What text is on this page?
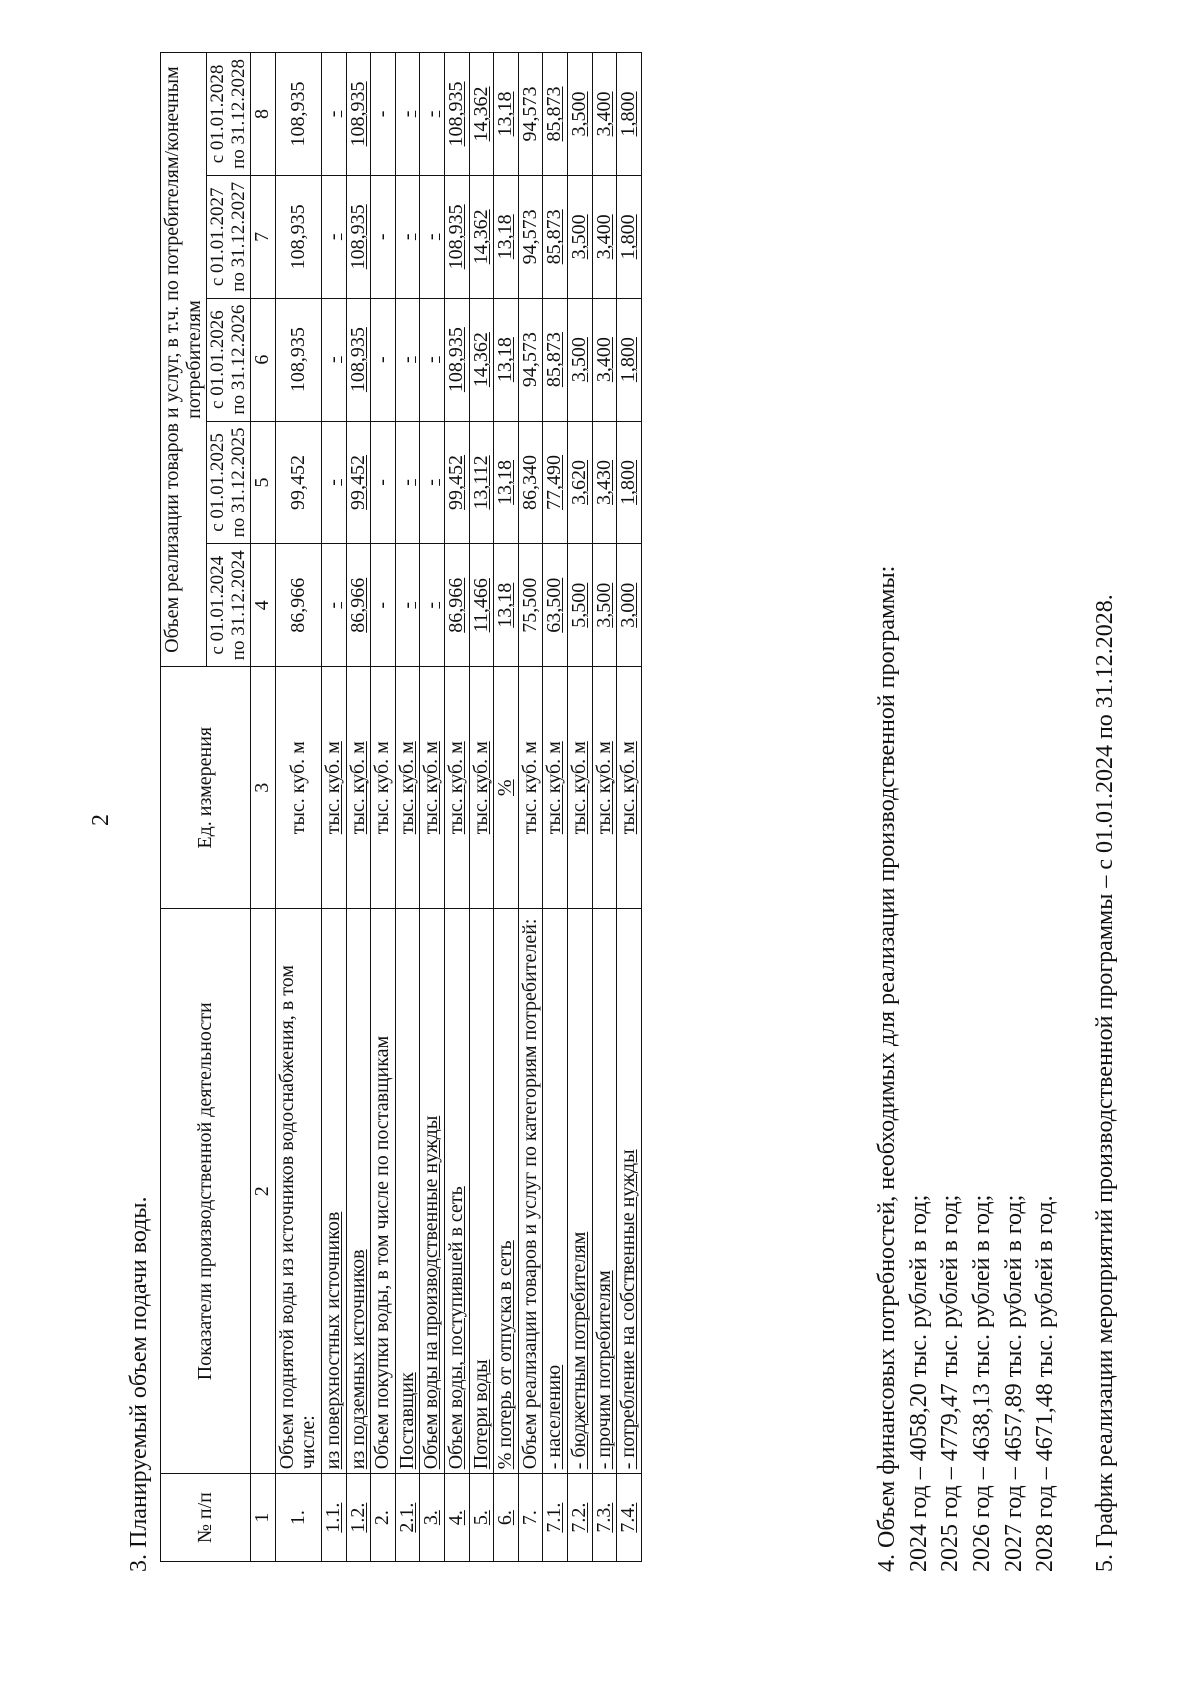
2
3. Планируемый объем подачи воды. № п/п	Показатели производственной деятельности	Ед. измерения	Объем реализации товаров и услуг, в т.ч. по потребителям/конечным потребителям				
			с 01.01.2024 по 31.12.2024	с 01.01.2025 по 31.12.2025	с 01.01.2026 по 31.12.2026	с 01.01.2027 по 31.12.2027	с 01.01.2028 по 31.12.2028
1	2	3	4	5	6	7	8
1.	Объем поднятой воды из источников водоснабжения, в том числе:	тыс. куб. м	86,966	99,452	108,935	108,935	108,935
1.1.	из поверхностных источников	тыс. куб. м	-	-	-	-	-
1.2.	из подземных источников	тыс. куб. м	86,966	99,452	108,935	108,935	108,935
2.	Объем покупки воды, в том числе по поставщикам	тыс. куб. м	-	-	-	-	-
2.1.	Поставщик	тыс. куб. м	-	-	-	-	-
3.	Объем воды на производственные нужды	тыс. куб. м	-	-	-	-	-
4.	Объем воды, поступившей в сеть	тыс. куб. м	86,966	99,452	108,935	108,935	108,935
5.	Потери воды	тыс. куб. м	11,466	13,112	14,362	14,362	14,362
6.	% потерь от отпуска в сеть	%	13,18	13,18	13,18	13,18	13,18
7.	Объем реализации товаров и услуг по категориям потребителей:	тыс. куб. м	75,500	86,340	94,573	94,573	94,573
7.1.	- населению	тыс. куб. м	63,500	77,490	85,873	85,873	85,873
7.2.	- бюджетным потребителям	тыс. куб. м	5,500	3,620	3,500	3,500	3,500
7.3.	- прочим потребителям	тыс. куб. м	3,500	3,430	3,400	3,400	3,400
7.4.	- потребление на собственные нужды	тыс. куб. м	3,000	1,800	1,800	1,800	1,800
4. Объем финансовых потребностей, необходимых для реализации производственной программы: 2024 год – 4058,20 тыс. рублей в год; 2025 год – 4779,47 тыс. рублей в год; 2026 год – 4638,13 тыс. рублей в год; 2027 год – 4657,89 тыс. рублей в год; 2028 год – 4671,48 тыс. рублей в год. 5. График реализации мероприятий производственной программы – с 01.01.2024 по 31.12.2028.
